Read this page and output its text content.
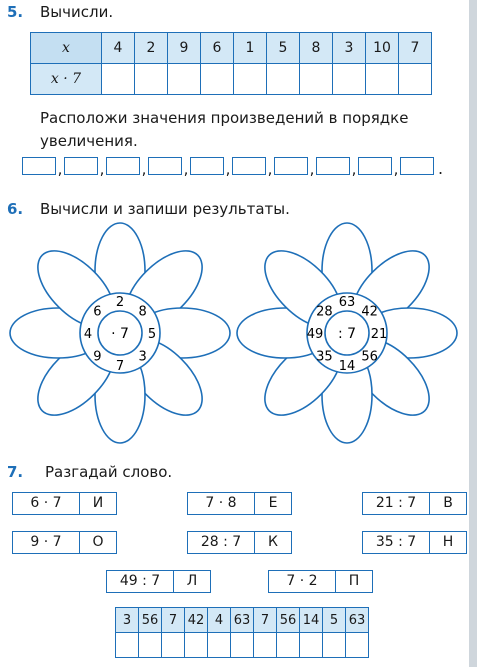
5. Вычисли.
x	4	2	9	6	1	5	8	3	10	7
x · 7										
Расположи значения произведений в порядке увеличения.
, , , , , , , , , .
6. Вычисли и запиши результаты.
· 7
2
8
5
3
7
9
4
6
: 7
63
42
21
56
14
35
49
28
7. Разгадай слово.
6 · 7	И	7 · 8	Е	21 : 7	В
9 · 7	О	28 : 7	К	35 : 7	Н
49 : 7	Л	7 · 2	П
3	56	7	42	4	63	7	56	14	5	63
